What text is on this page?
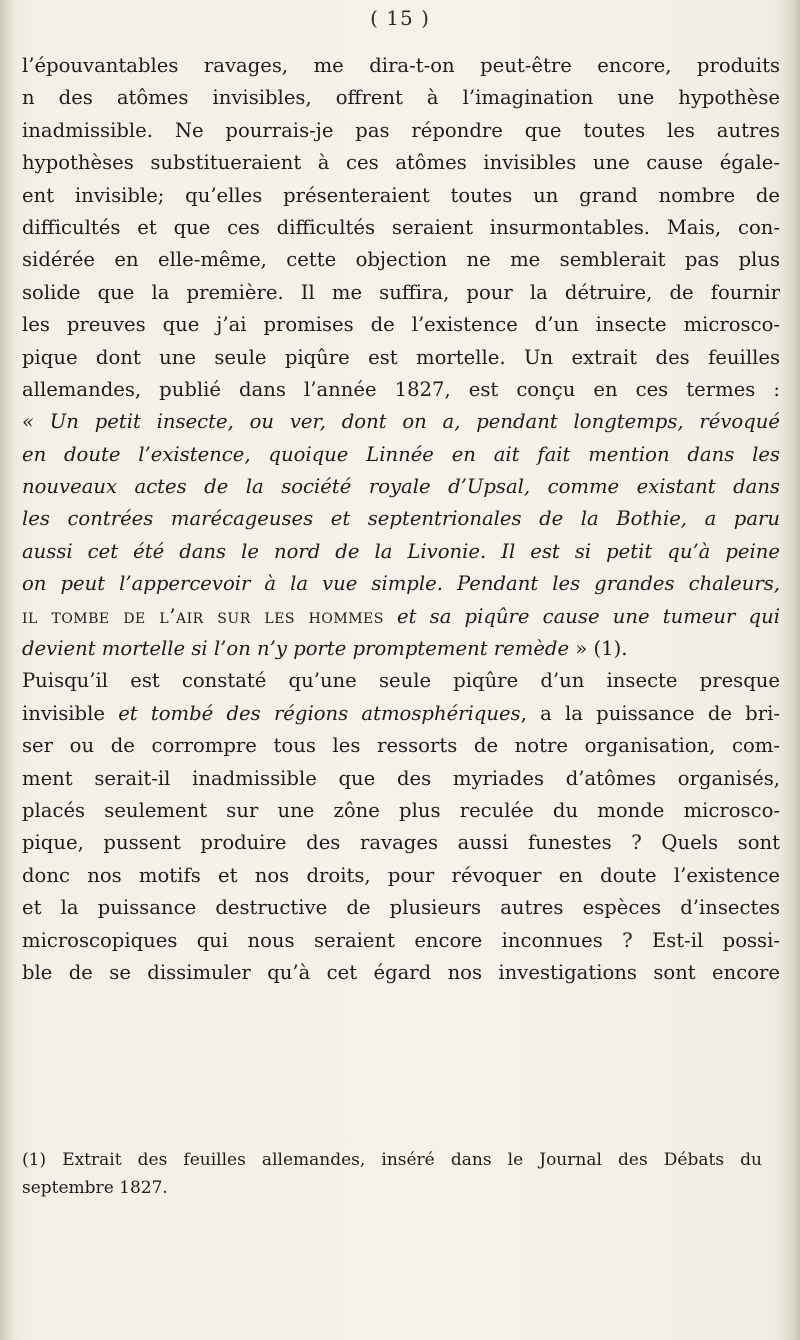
( 15 )
l’épouvantables ravages, me dira-t-on peut-être encore, produits
n des atômes invisibles, offrent à l’imagination une hypothèse
inadmissible. Ne pourrais-je pas répondre que toutes les autres
hypothèses substitueraient à ces atômes invisibles une cause égale-
ent invisible; qu’elles présenteraient toutes un grand nombre de
difficultés et que ces difficultés seraient insurmontables. Mais, con-
sidérée en elle-même, cette objection ne me semblerait pas plus
solide que la première. Il me suffira, pour la détruire, de fournir
les preuves que j’ai promises de l’existence d’un insecte microsco-
pique dont une seule piqûre est mortelle. Un extrait des feuilles
allemandes, publié dans l’année 1827, est conçu en ces termes :
« Un petit insecte, ou ver, dont on a, pendant longtemps, révoqué
en doute l’existence, quoique Linnée en ait fait mention dans les
nouveaux actes de la société royale d’Upsal, comme existant dans
les contrées marécageuses et septentrionales de la Bothie, a paru
aussi cet été dans le nord de la Livonie. Il est si petit qu’à peine
on peut l’appercevoir à la vue simple. Pendant les grandes chaleurs,
il tombe de l’air sur les hommes et sa piqûre cause une tumeur qui
devient mortelle si l’on n’y porte promptement remède » (1).
Puisqu’il est constaté qu’une seule piqûre d’un insecte presque
invisible et tombé des régions atmosphériques, a la puissance de bri-
ser ou de corrompre tous les ressorts de notre organisation, com-
ment serait-il inadmissible que des myriades d’atômes organisés,
placés seulement sur une zône plus reculée du monde microsco-
pique, pussent produire des ravages aussi funestes ? Quels sont
donc nos motifs et nos droits, pour révoquer en doute l’existence
et la puissance destructive de plusieurs autres espèces d’insectes
microscopiques qui nous seraient encore inconnues ? Est-il possi-
ble de se dissimuler qu’à cet égard nos investigations sont encore
(1) Extrait des feuilles allemandes, inséré dans le Journal des Débats du
septembre 1827.
